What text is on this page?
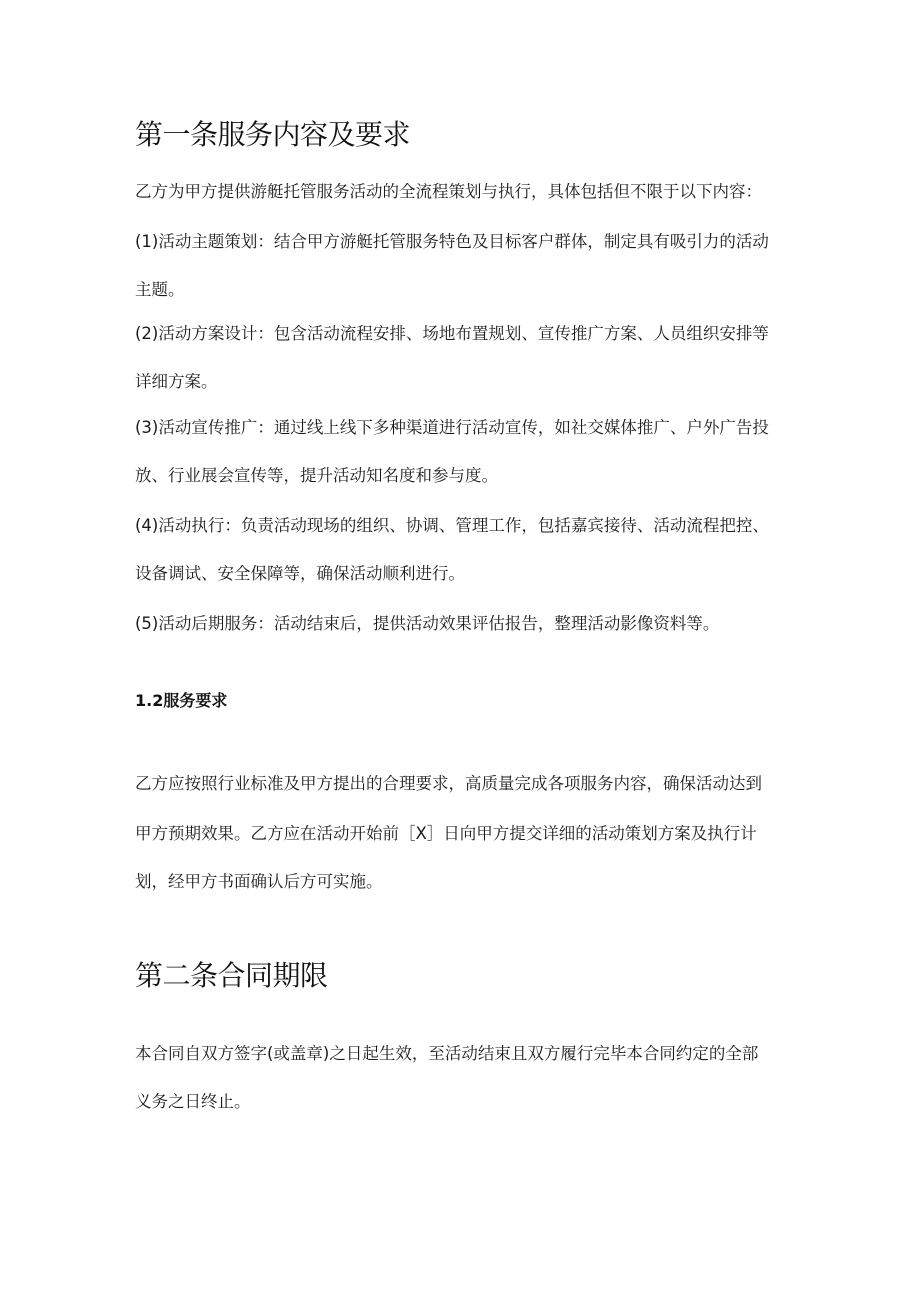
第一条服务内容及要求

乙方为甲方提供游艇托管服务活动的全流程策划与执行，具体包括但不限于以下内容：

(1)活动主题策划：结合甲方游艇托管服务特色及目标客户群体，制定具有吸引力的活动

主题。

(2)活动方案设计：包含活动流程安排、场地布置规划、宣传推广方案、人员组织安排等

详细方案。

(3)活动宣传推广：通过线上线下多种渠道进行活动宣传，如社交媒体推广、户外广告投

放、行业展会宣传等，提升活动知名度和参与度。

(4)活动执行：负责活动现场的组织、协调、管理工作，包括嘉宾接待、活动流程把控、

设备调试、安全保障等，确保活动顺利进行。

(5)活动后期服务：活动结束后，提供活动效果评估报告，整理活动影像资料等。

1.2服务要求

乙方应按照行业标准及甲方提出的合理要求，高质量完成各项服务内容，确保活动达到

甲方预期效果。乙方应在活动开始前［X］日向甲方提交详细的活动策划方案及执行计

划，经甲方书面确认后方可实施。

第二条合同期限

本合同自双方签字(或盖章)之日起生效，至活动结束且双方履行完毕本合同约定的全部

义务之日终止。
